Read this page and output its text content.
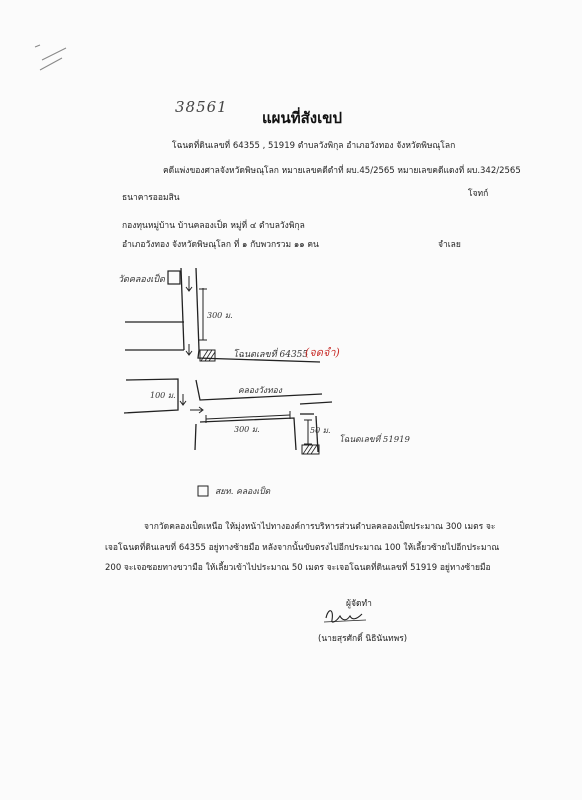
38561
แผนที่สังเขป
โฉนดที่ดินเลขที่ 64355 , 51919 ตำบลวังพิกุล อำเภอวังทอง จังหวัดพิษณุโลก
คดีแพ่งของศาลจังหวัดพิษณุโลก หมายเลขคดีดำที่ ผบ.45/2565 หมายเลขคดีแดงที่ ผบ.342/2565
ธนาคารออมสิน	โจทก์
กองทุนหมู่บ้าน บ้านคลองเป็ด หมู่ที่ ๔ ตำบลวังพิกุล
อำเภอวังทอง จังหวัดพิษณุโลก ที่ ๑ กับพวกรวม ๑๑ คน	จำเลย
วัดคลองเป็ด
300 ม.
โฉนดเลขที่ 64355
(จดจำ)
100 ม.	คลองวังทอง
300 ม.	50 ม.
โฉนดเลขที่ 51919
สยท. คลองเป็ด
จากวัดคลองเป็ดเหนือ ให้มุ่งหน้าไปทางองค์การบริหารส่วนตำบลคลองเป็ดประมาณ 300 เมตร จะ
เจอโฉนดที่ดินเลขที่ 64355 อยู่ทางซ้ายมือ หลังจากนั้นขับตรงไปอีกประมาณ 100 ให้เลี้ยวซ้ายไปอีกประมาณ
200 จะเจอซอยทางขวามือ ให้เลี้ยวเข้าไปประมาณ 50 เมตร จะเจอโฉนดที่ดินเลขที่ 51919 อยู่ทางซ้ายมือ
ผู้จัดทำ
(นายสุรศักดิ์ นิธินันทพร)
